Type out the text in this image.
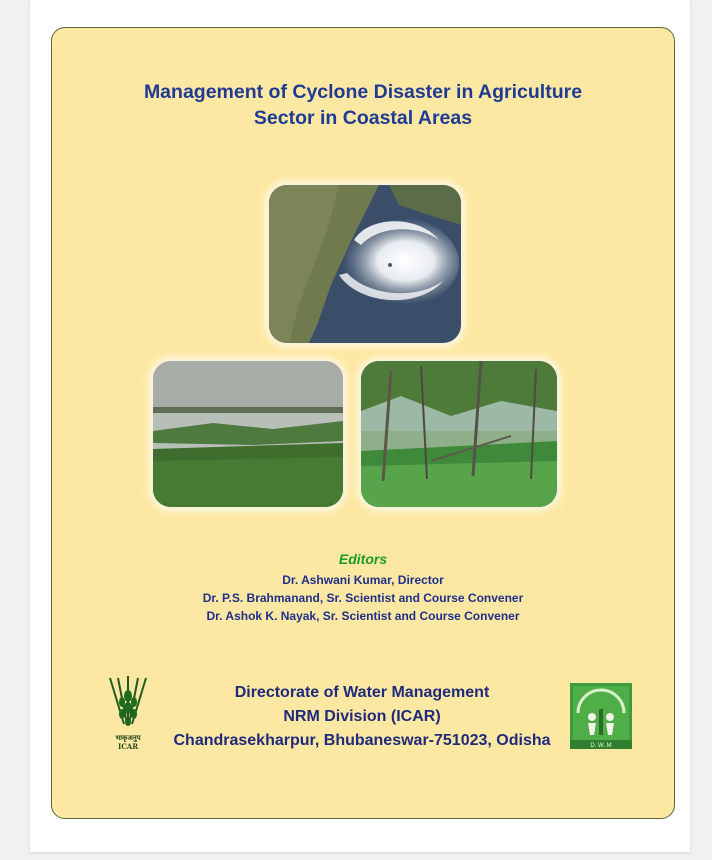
Management of Cyclone Disaster in Agriculture
Sector in Coastal Areas
Editors
Dr. Ashwani Kumar, Director
Dr. P.S. Brahmanand, Sr. Scientist and Course Convener
Dr. Ashok K. Nayak, Sr. Scientist and Course Convener
भाकृअनुप
ICAR
Directorate of Water Management
NRM Division (ICAR)
Chandrasekharpur, Bhubaneswar-751023, Odisha	D. W. M
